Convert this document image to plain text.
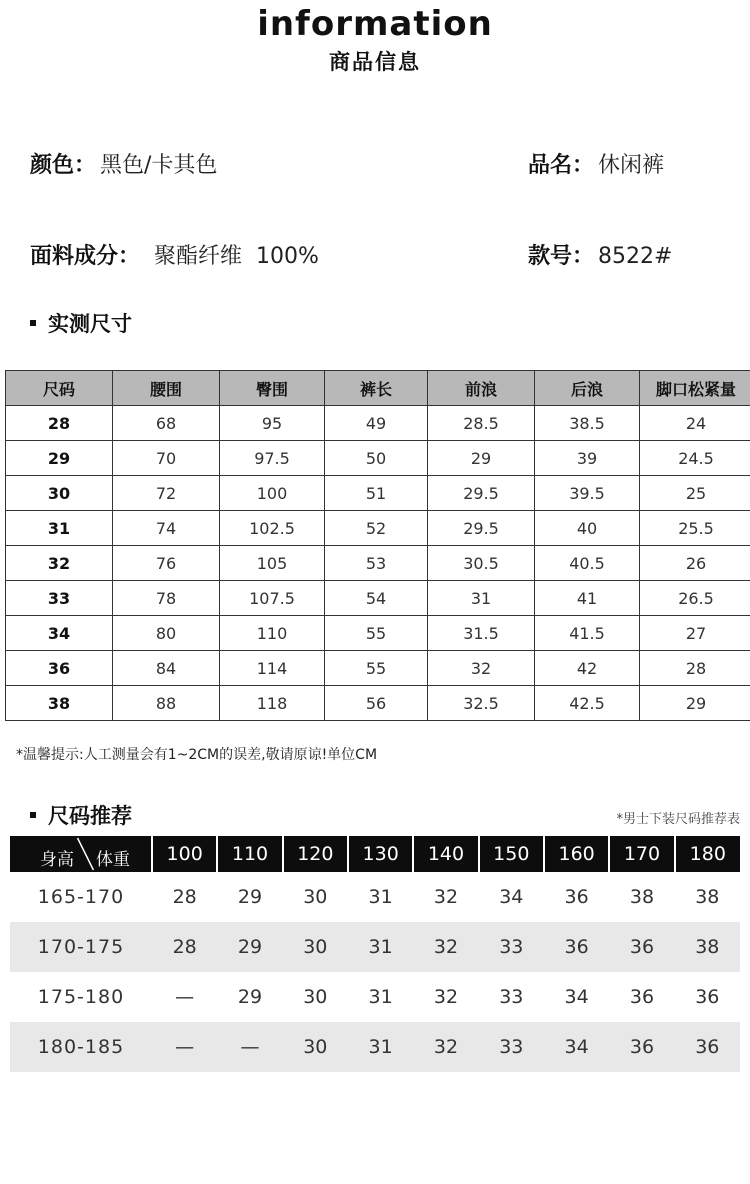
information
商品信息
颜色： 黑色/卡其色	品名： 休闲裤
面料成分： 聚酯纤维 100%	款号： 8522#
实测尺寸
尺码	腰围	臀围	裤长	前浪	后浪	脚口松紧量
28	68	95	49	28.5	38.5	24
29	70	97.5	50	29	39	24.5
30	72	100	51	29.5	39.5	25
31	74	102.5	52	29.5	40	25.5
32	76	105	53	30.5	40.5	26
33	78	107.5	54	31	41	26.5
34	80	110	55	31.5	41.5	27
36	84	114	55	32	42	28
38	88	118	56	32.5	42.5	29
*温馨提示:人工测量会有1~2CM的误差,敬请原谅!单位CM
尺码推荐	*男士下装尺码推荐表
身高 体重	100	110	120	130	140	150	160	170	180
165-170	28	29	30	31	32	34	36	38	38
170-175	28	29	30	31	32	33	36	36	38
175-180	—	29	30	31	32	33	34	36	36
180-185	—	—	30	31	32	33	34	36	36
